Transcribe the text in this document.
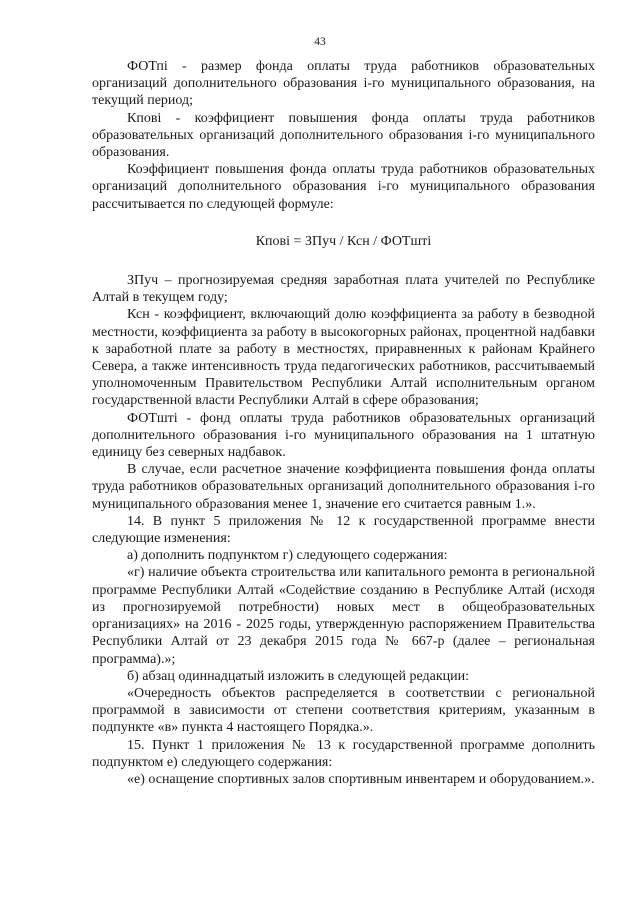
43

ФОТпі - размер фонда оплаты труда работников образовательных организаций дополнительного образования і-го муниципального образования, на текущий период;

Кпові - коэффициент повышения фонда оплаты труда работников образовательных организаций дополнительного образования і-го муниципального образования.

Коэффициент повышения фонда оплаты труда работников образовательных организаций дополнительного образования і-го муниципального образования рассчитывается по следующей формуле:

Кпові = ЗПуч / Ксн / ФОТшті

ЗПуч – прогнозируемая средняя заработная плата учителей по Республике Алтай в текущем году;

Ксн - коэффициент, включающий долю коэффициента за работу в безводной местности, коэффициента за работу в высокогорных районах, процентной надбавки к заработной плате за работу в местностях, приравненных к районам Крайнего Севера, а также интенсивность труда педагогических работников, рассчитываемый уполномоченным Правительством Республики Алтай исполнительным органом государственной власти Республики Алтай в сфере образования;

ФОТшті - фонд оплаты труда работников образовательных организаций дополнительного образования і-го муниципального образования на 1 штатную единицу без северных надбавок.

В случае, если расчетное значение коэффициента повышения фонда оплаты труда работников образовательных организаций дополнительного образования і-го муниципального образования менее 1, значение его считается равным 1.».

14. В пункт 5 приложения № 12 к государственной программе внести следующие изменения:

а) дополнить подпунктом г) следующего содержания:

«г) наличие объекта строительства или капитального ремонта в региональной программе Республики Алтай «Содействие созданию в Республике Алтай (исходя из прогнозируемой потребности) новых мест в общеобразовательных организациях» на 2016 - 2025 годы, утвержденную распоряжением Правительства Республики Алтай от 23 декабря 2015 года № 667-р (далее – региональная программа).»;

б) абзац одиннадцатый изложить в следующей редакции:

«Очередность объектов распределяется в соответствии с региональной программой в зависимости от степени соответствия критериям, указанным в подпункте «в» пункта 4 настоящего Порядка.».

15. Пункт 1 приложения № 13 к государственной программе дополнить подпунктом е) следующего содержания:

«е) оснащение спортивных залов спортивным инвентарем и оборудованием.».
